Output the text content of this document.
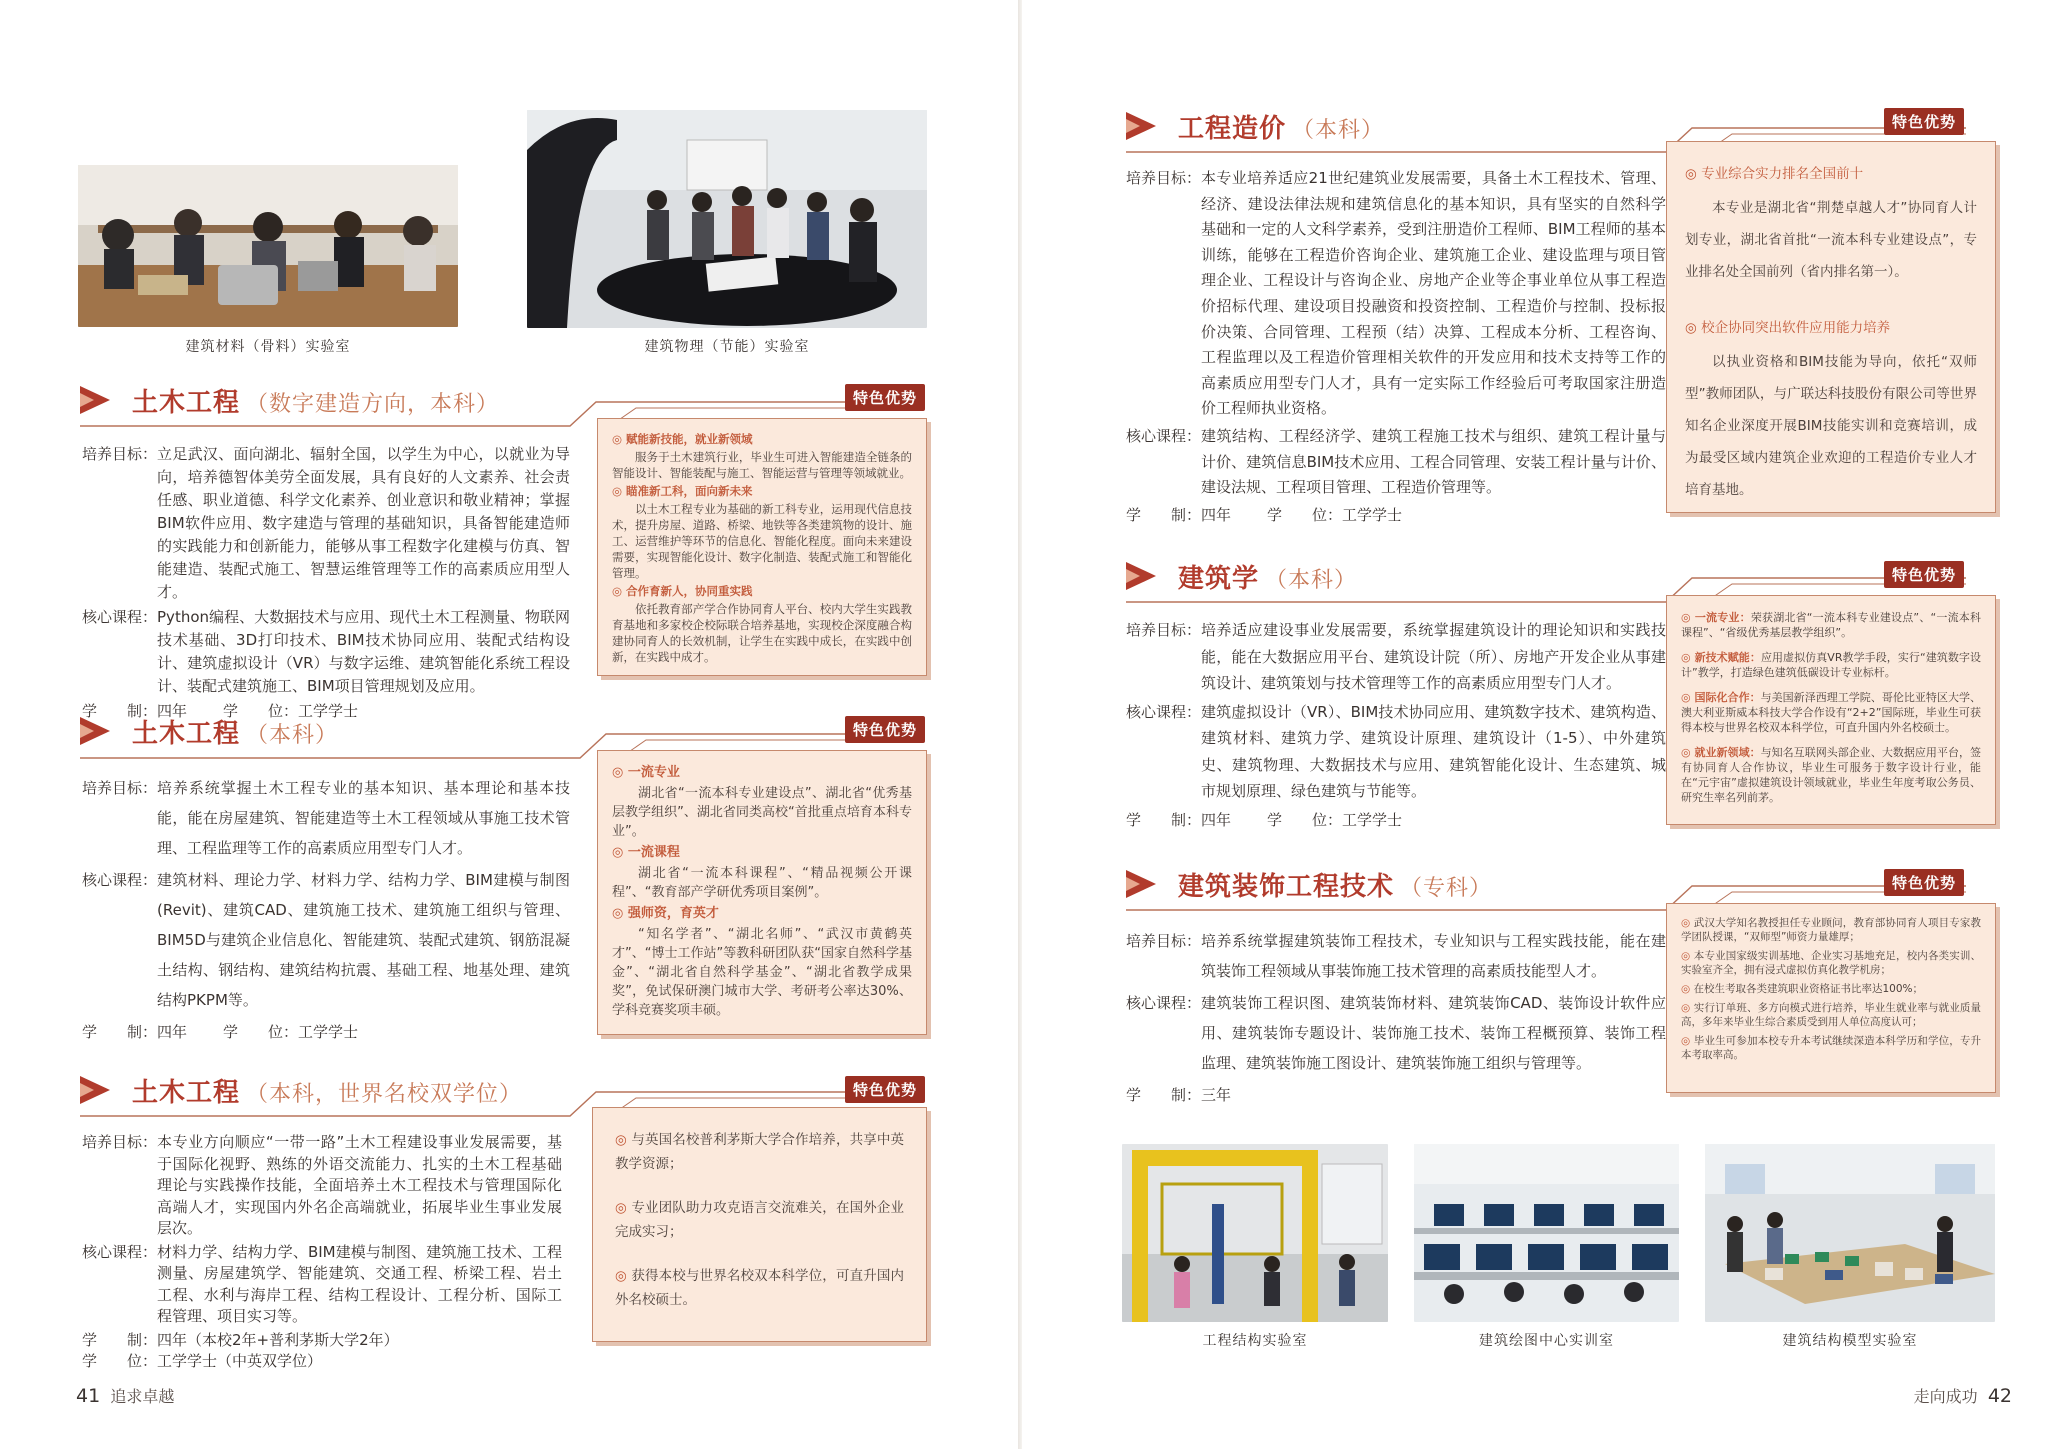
建筑材料（骨料）实验室	建筑物理（节能）实验室
土木工程 （数字建造方向，本科）	特色优势
培养目标： 立足武汉、面向湖北、辐射全国，以学生为中心，以就业为导向，培养德智体美劳全面发展，具有良好的人文素养、社会责任感、职业道德、科学文化素养、创业意识和敬业精神；掌握BIM软件应用、数字建造与管理的基础知识，具备智能建造师的实践能力和创新能力，能够从事工程数字化建模与仿真、智能建造、装配式施工、智慧运维管理等工作的高素质应用型人才。
核心课程： Python编程、大数据技术与应用、现代土木工程测量、物联网技术基础、3D打印技术、BIM技术协同应用、装配式结构设计、建筑虚拟设计（VR）与数字运维、建筑智能化系统工程设计、装配式建筑施工、BIM项目管理规划及应用。
学　　制： 四年 学　　位： 工学学士

◎ 赋能新技能，就业新领域

服务于土木建筑行业，毕业生可进入智能建造全链条的智能设计、智能装配与施工、智能运营与管理等领域就业。

◎ 瞄准新工科，面向新未来

以土木工程专业为基础的新工科专业，运用现代信息技术，提升房屋、道路、桥梁、地铁等各类建筑物的设计、施工、运营维护等环节的信息化、智能化程度。面向未来建设需要，实现智能化设计、数字化制造、装配式施工和智能化管理。

◎ 合作育新人，协同重实践

依托教育部产学合作协同育人平台、校内大学生实践教育基地和多家校企校际联合培养基地，实现校企深度融合构建协同育人的长效机制，让学生在实践中成长，在实践中创新，在实践中成才。

土木工程 （本科）	特色优势
培养目标： 培养系统掌握土木工程专业的基本知识、基本理论和基本技能，能在房屋建筑、智能建造等土木工程领域从事施工技术管理、工程监理等工作的高素质应用型专门人才。
核心课程： 建筑材料、理论力学、材料力学、结构力学、BIM建模与制图(Revit)、建筑CAD、建筑施工技术、建筑施工组织与管理、BIM5D与建筑企业信息化、智能建筑、装配式建筑、钢筋混凝土结构、钢结构、建筑结构抗震、基础工程、地基处理、建筑结构PKPM等。
学　　制： 四年 学　　位： 工学学士

◎ 一流专业

湖北省“一流本科专业建设点”、湖北省“优秀基层教学组织”、湖北省同类高校“首批重点培育本科专业”。

◎ 一流课程

湖北省“一流本科课程”、“精品视频公开课程”、“教育部产学研优秀项目案例”。

◎ 强师资，育英才

“知名学者”、“湖北名师”、“武汉市黄鹤英才”、“博士工作站”等教科研团队获“国家自然科学基金”、“湖北省自然科学基金”、“湖北省教学成果奖”，免试保研澳门城市大学、考研考公率达30%、学科竞赛奖项丰硕。

土木工程 （本科，世界名校双学位）	特色优势
培养目标： 本专业方向顺应“一带一路”土木工程建设事业发展需要，基于国际化视野、熟练的外语交流能力、扎实的土木工程基础理论与实践操作技能，全面培养土木工程技术与管理国际化高端人才，实现国内外名企高端就业，拓展毕业生事业发展层次。
核心课程： 材料力学、结构力学、BIM建模与制图、建筑施工技术、工程测量、房屋建筑学、智能建筑、交通工程、桥梁工程、岩土工程、水利与海岸工程、结构工程设计、工程分析、国际工程管理、项目实习等。
学　　制： 四年（本校2年+普利茅斯大学2年）
学　　位： 工学学士（中英双学位）

◎ 与英国名校普利茅斯大学合作培养，共享中英教学资源；

◎ 专业团队助力攻克语言交流难关，在国外企业完成实习；

◎ 获得本校与世界名校双本科学位，可直升国内外名校硕士。

41 追求卓越
工程造价 （本科）	特色优势
培养目标： 本专业培养适应21世纪建筑业发展需要，具备土木工程技术、管理、经济、建设法律法规和建筑信息化的基本知识，具有坚实的自然科学基础和一定的人文科学素养，受到注册造价工程师、BIM工程师的基本训练，能够在工程造价咨询企业、建筑施工企业、建设监理与项目管理企业、工程设计与咨询企业、房地产企业等企事业单位从事工程造价招标代理、建设项目投融资和投资控制、工程造价与控制、投标报价决策、合同管理、工程预（结）决算、工程成本分析、工程咨询、工程监理以及工程造价管理相关软件的开发应用和技术支持等工作的高素质应用型专门人才，具有一定实际工作经验后可考取国家注册造价工程师执业资格。
核心课程： 建筑结构、工程经济学、建筑工程施工技术与组织、建筑工程计量与计价、建筑信息BIM技术应用、工程合同管理、安装工程计量与计价、建设法规、工程项目管理、工程造价管理等。
学　　制： 四年 学　　位： 工学学士

◎ 专业综合实力排名全国前十

本专业是湖北省“荆楚卓越人才”协同育人计划专业，湖北省首批“一流本科专业建设点”，专业排名处全国前列（省内排名第一）。

◎ 校企协同突出软件应用能力培养

以执业资格和BIM技能为导向，依托“双师型”教师团队，与广联达科技股份有限公司等世界知名企业深度开展BIM技能实训和竞赛培训，成为最受区域内建筑企业欢迎的工程造价专业人才培育基地。

建筑学 （本科）	特色优势
培养目标： 培养适应建设事业发展需要，系统掌握建筑设计的理论知识和实践技能，能在大数据应用平台、建筑设计院（所）、房地产开发企业从事建筑设计、建筑策划与技术管理等工作的高素质应用型专门人才。
核心课程： 建筑虚拟设计（VR）、BIM技术协同应用、建筑数字技术、建筑构造、建筑材料、建筑力学、建筑设计原理、建筑设计（1-5）、中外建筑史、建筑物理、大数据技术与应用、建筑智能化设计、生态建筑、城市规划原理、绿色建筑与节能等。
学　　制： 四年 学　　位： 工学学士

◎ 一流专业：荣获湖北省“一流本科专业建设点”、“一流本科课程”、“省级优秀基层教学组织”。

◎ 新技术赋能：应用虚拟仿真VR教学手段，实行“建筑数字设计”教学，打造绿色建筑低碳设计专业标杆。

◎ 国际化合作：与美国新泽西理工学院、哥伦比亚特区大学、澳大利亚斯威本科技大学合作设有“2+2”国际班，毕业生可获得本校与世界名校双本科学位，可直升国内外名校硕士。

◎ 就业新领域：与知名互联网头部企业、大数据应用平台，签有协同育人合作协议，毕业生可服务于数字设计行业，能在“元宇宙”虚拟建筑设计领域就业，毕业生年度考取公务员、研究生率名列前茅。

建筑装饰工程技术 （专科）	特色优势
培养目标： 培养系统掌握建筑装饰工程技术，专业知识与工程实践技能，能在建筑装饰工程领域从事装饰施工技术管理的高素质技能型人才。
核心课程： 建筑装饰工程识图、建筑装饰材料、建筑装饰CAD、装饰设计软件应用、建筑装饰专题设计、装饰施工技术、装饰工程概预算、装饰工程监理、建筑装饰施工图设计、建筑装饰施工组织与管理等。
学　　制： 三年

◎ 武汉大学知名教授担任专业顾问，教育部协同育人项目专家教学团队授课，“双师型”师资力量雄厚；

◎ 本专业国家级实训基地、企业实习基地充足，校内各类实训、实验室齐全，拥有浸式虚拟仿真化教学机房；

◎ 在校生考取各类建筑职业资格证书比率达100%；

◎ 实行订单班、多方向模式进行培养，毕业生就业率与就业质量高，多年来毕业生综合素质受到用人单位高度认可；

◎ 毕业生可参加本校专升本考试继续深造本科学历和学位，专升本考取率高。

工程结构实验室	建筑绘图中心实训室	建筑结构模型实验室
走向成功 42
